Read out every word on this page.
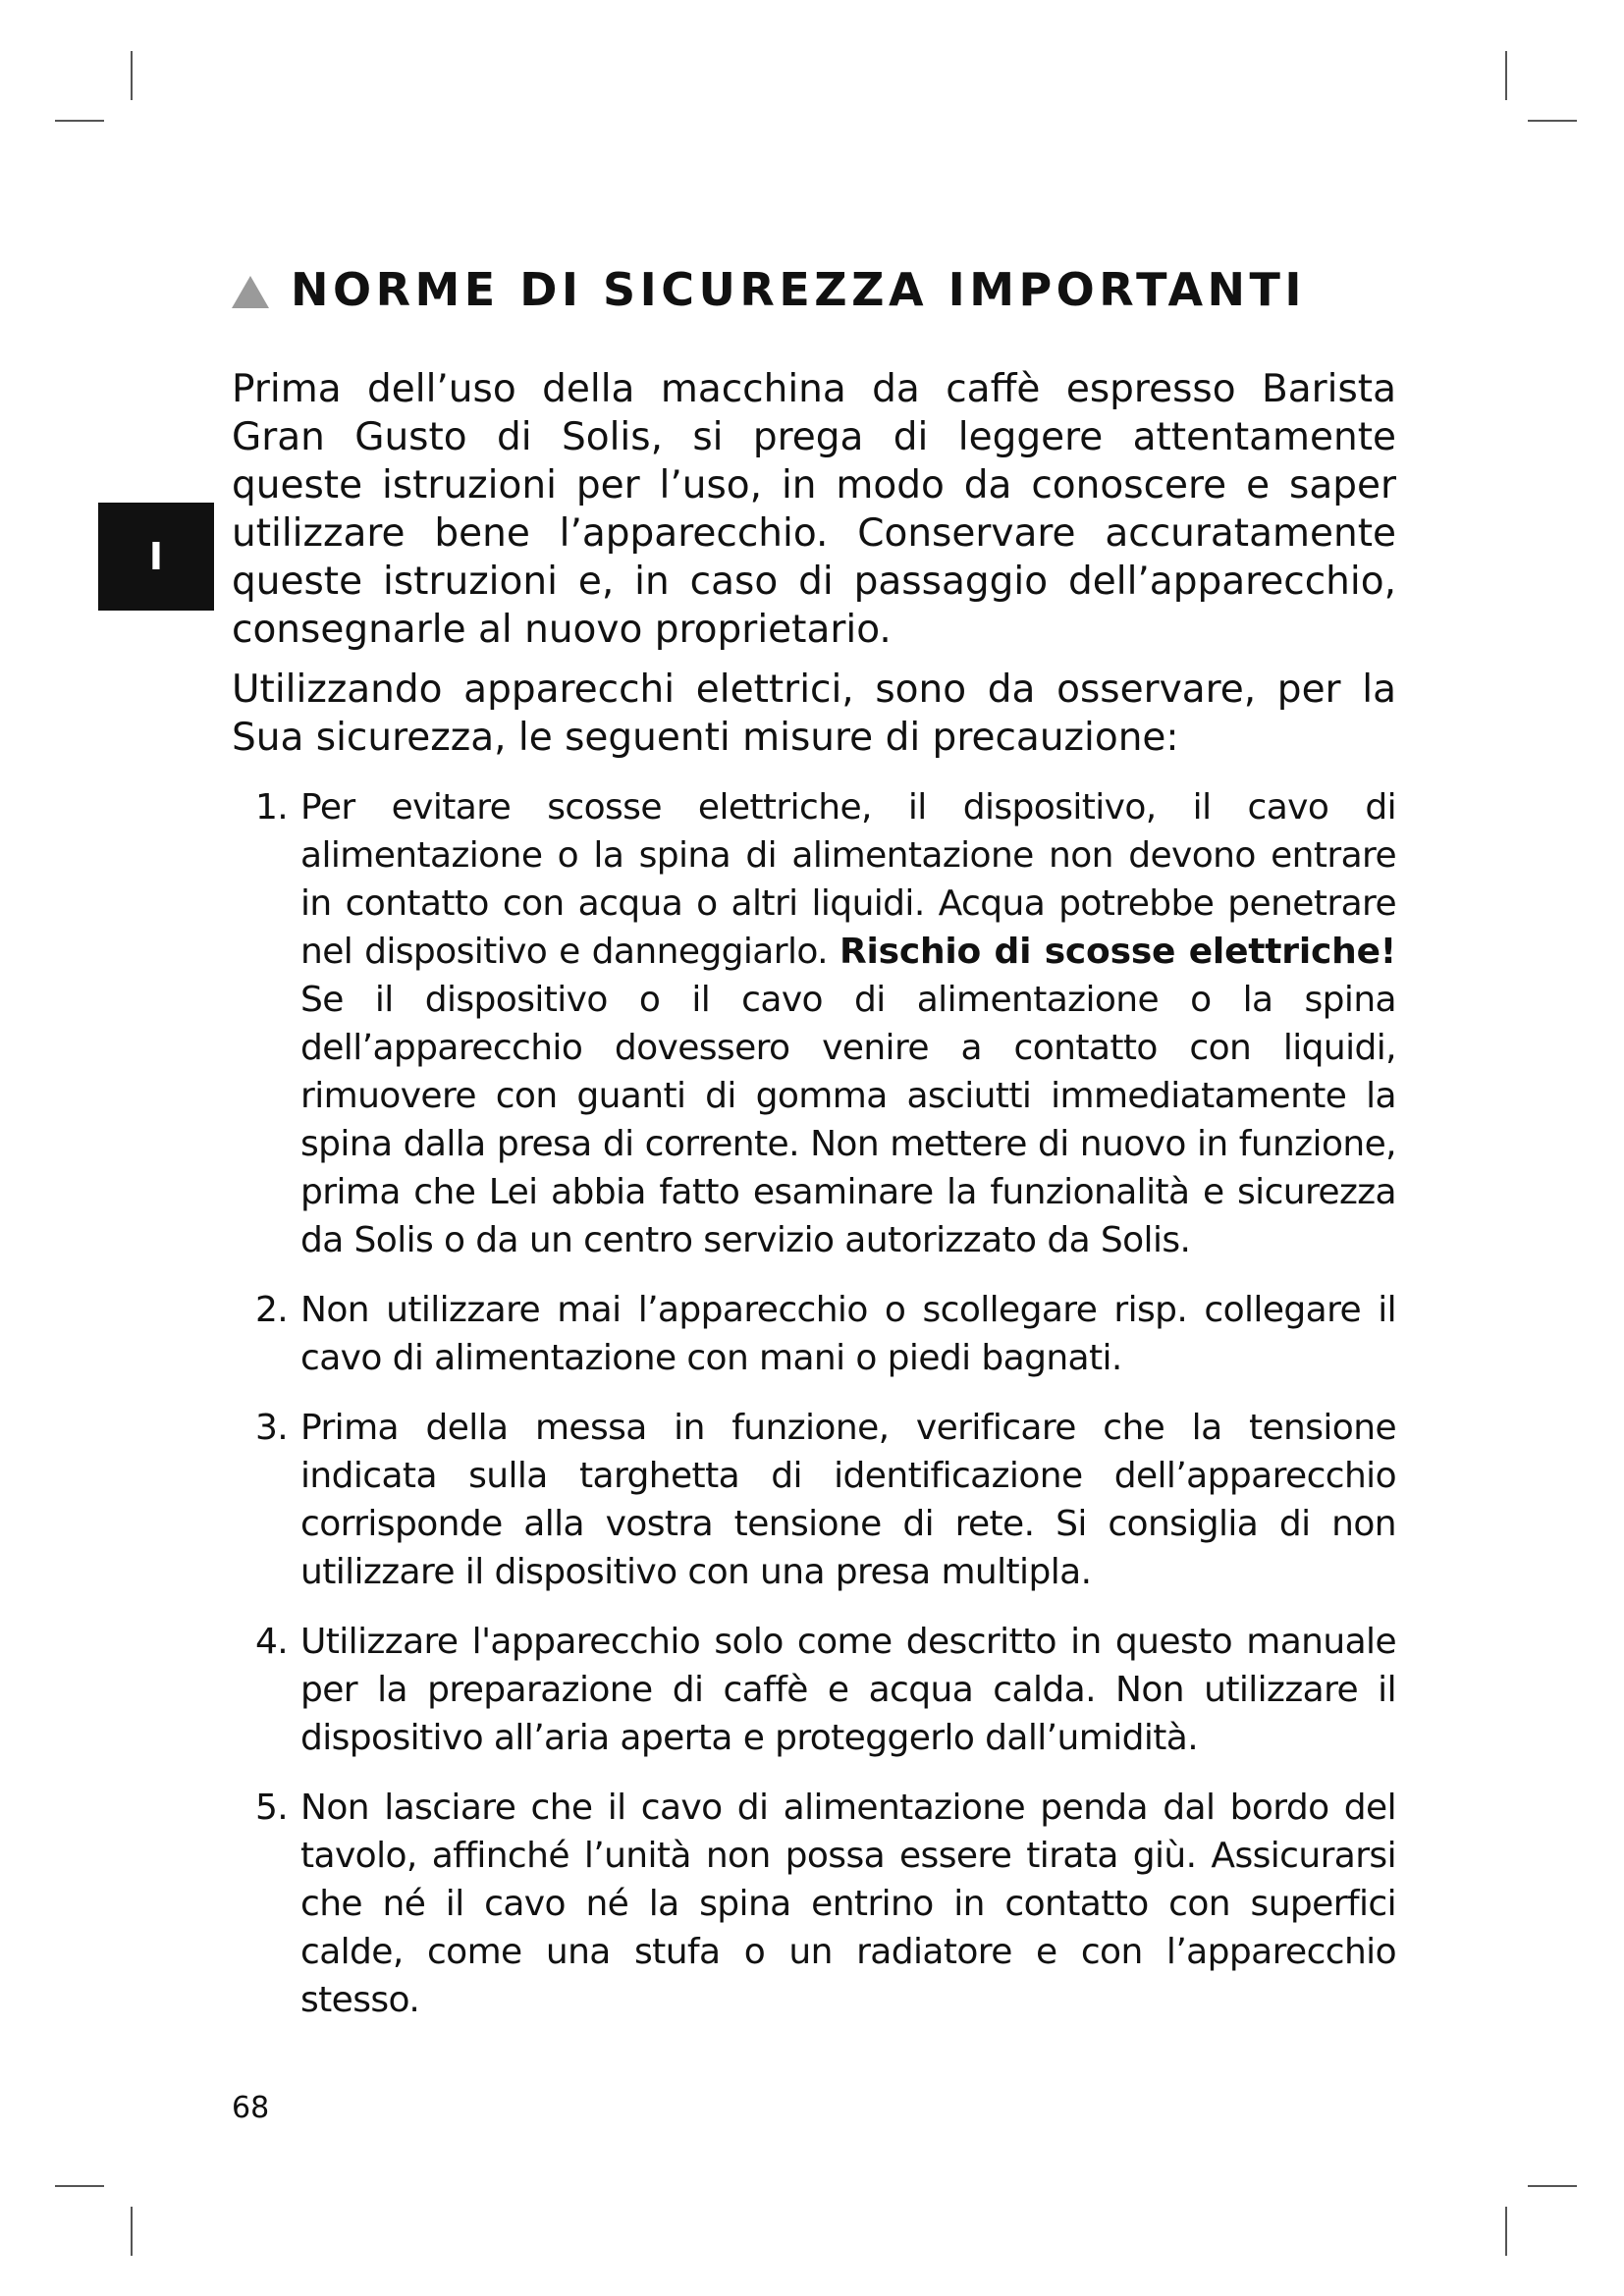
I
NORME DI SICUREZZA IMPORTANTI

Prima dell’uso della macchina da caffè espresso Barista Gran Gusto di Solis, si prega di leggere attentamente queste istruzioni per l’uso, in modo da conoscere e saper utilizzare bene l’apparecchio. Conservare accuratamente queste istruzioni e, in caso di passaggio dell’apparecchio, consegnarle al nuovo proprietario.

Utilizzando apparecchi elettrici, sono da osservare, per la Sua sicurezza, le seguenti misure di precauzione:

1. Per evitare scosse elettriche, il dispositivo, il cavo di alimentazione o la spina di alimentazione non devono entrare in contatto con acqua o altri liquidi. Acqua potrebbe penetrare nel dispositivo e danneggiarlo. Rischio di scosse elettriche! Se il dispositivo o il cavo di alimentazione o la spina dell’apparecchio dovessero venire a contatto con liquidi, rimuovere con guanti di gomma asciutti immediatamente la spina dalla presa di corrente. Non mettere di nuovo in funzione, prima che Lei abbia fatto esaminare la funzionalità e sicurezza da Solis o da un centro servizio autorizzato da Solis.
2. Non utilizzare mai l’apparecchio o scollegare risp. collegare il cavo di alimentazione con mani o piedi bagnati.
3. Prima della messa in funzione, verificare che la tensione indicata sulla targhetta di identificazione dell’apparecchio corrisponde alla vostra tensione di rete. Si consiglia di non utilizzare il dispositivo con una presa multipla.
4. Utilizzare l'apparecchio solo come descritto in questo manuale per la preparazione di caffè e acqua calda. Non utilizzare il dispositivo all’aria aperta e proteggerlo dall’umidità.
5. Non lasciare che il cavo di alimentazione penda dal bordo del tavolo, affinché l’unità non possa essere tirata giù. Assicurarsi che né il cavo né la spina entrino in contatto con superfici calde, come una stufa o un radiatore e con l’apparecchio stesso.
68
